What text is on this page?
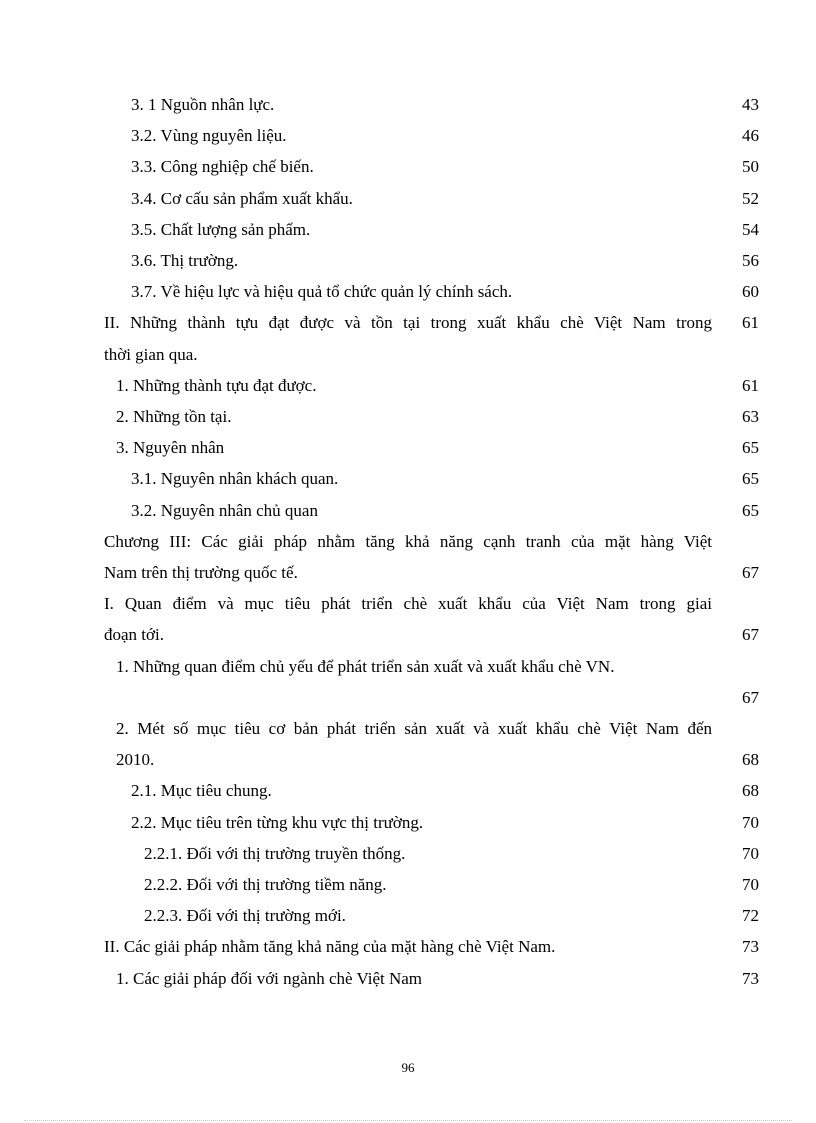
3. 1 Nguồn nhân lực.	43
3.2. Vùng nguyên liệu.	46
3.3. Công nghiệp chế biến.	50
3.4. Cơ cấu sản phẩm xuất khẩu.	52
3.5. Chất lượng sản phẩm.	54
3.6. Thị trường.	56
3.7. Về hiệu lực và hiệu quả tổ chức quản lý chính sách.	60
II. Những thành tựu đạt được và tồn tại trong xuất khẩu chè Việt Nam trong	61
thời gian qua.
1. Những thành tựu đạt được.	61
2. Những tồn tại.	63
3. Nguyên nhân	65
3.1. Nguyên nhân khách quan.	65
3.2. Nguyên nhân chủ quan	65
Chương III: Các giải pháp nhằm tăng khả năng cạnh tranh của mặt hàng Việt
Nam trên thị trường quốc tế.	67
I. Quan điểm và mục tiêu phát triển chè xuất khẩu của Việt Nam trong giai
đoạn tới.	67
1. Những quan điểm chủ yếu để phát triển sản xuất và xuất khẩu chè VN.
67
2. Mét số mục tiêu cơ bản phát triển sản xuất và xuất khẩu chè Việt Nam đến
2010.	68
2.1. Mục tiêu chung.	68
2.2. Mục tiêu trên từng khu vực thị trường.	70
2.2.1. Đối với thị trường truyền thống.	70
2.2.2. Đối với thị trường tiềm năng.	70
2.2.3. Đối với thị trường mới.	72
II. Các giải pháp nhằm tăng khả năng của mặt hàng chè Việt Nam.	73
1. Các giải pháp đối với ngành chè Việt Nam	73
96
